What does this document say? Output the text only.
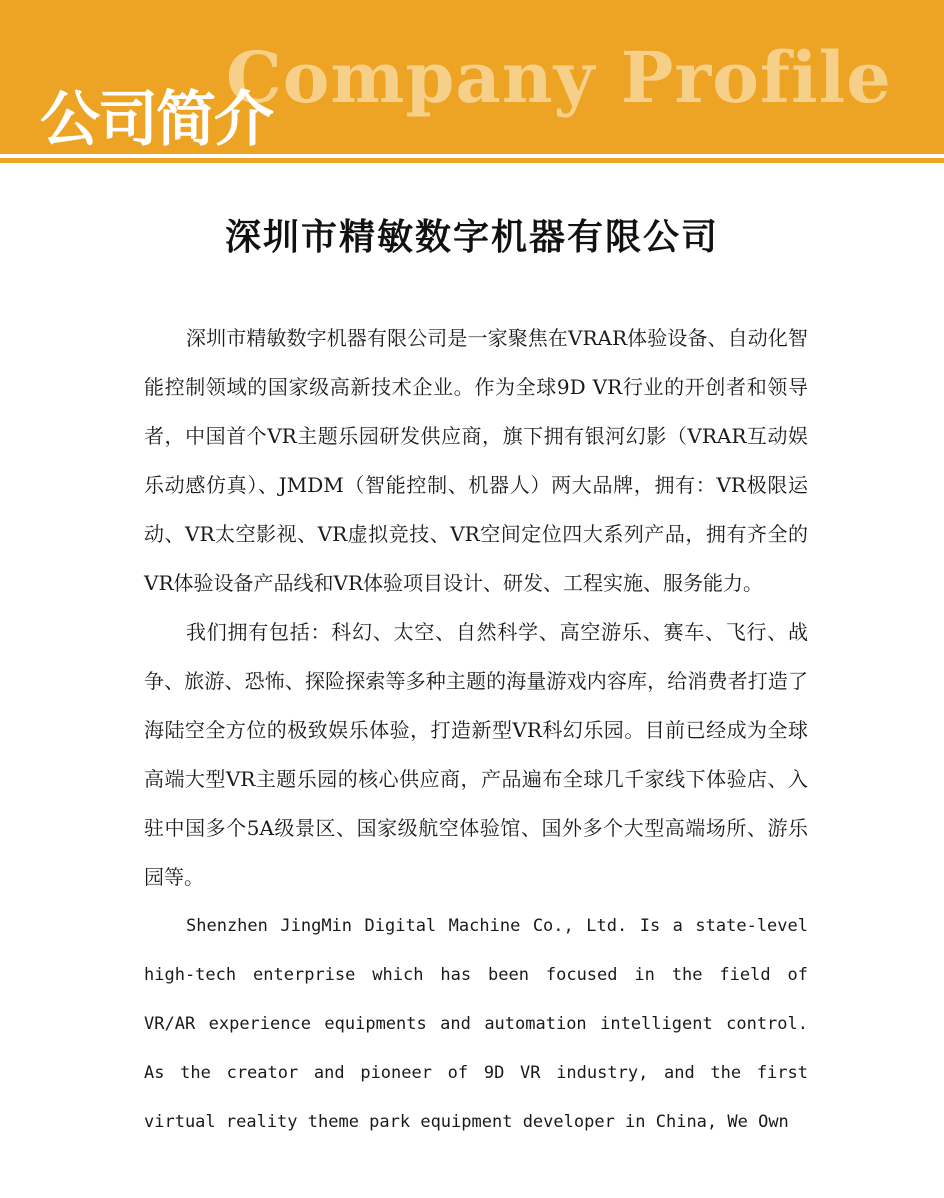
Company Profile
公司简介
深圳市精敏数字机器有限公司

深圳市精敏数字机器有限公司是一家聚焦在VRAR体验设备、自动化智能控制领域的国家级高新技术企业。作为全球9D VR行业的开创者和领导者，中国首个VR主题乐园研发供应商，旗下拥有银河幻影（VRAR互动娱乐动感仿真）、JMDM（智能控制、机器人）两大品牌，拥有：VR极限运动、VR太空影视、VR虚拟竞技、VR空间定位四大系列产品，拥有齐全的VR体验设备产品线和VR体验项目设计、研发、工程实施、服务能力。

我们拥有包括：科幻、太空、自然科学、高空游乐、赛车、飞行、战争、旅游、恐怖、探险探索等多种主题的海量游戏内容库，给消费者打造了海陆空全方位的极致娱乐体验，打造新型VR科幻乐园。目前已经成为全球高端大型VR主题乐园的核心供应商，产品遍布全球几千家线下体验店、入驻中国多个5A级景区、国家级航空体验馆、国外多个大型高端场所、游乐园等。

Shenzhen JingMin Digital Machine Co., Ltd. Is a state-level high-tech enterprise which has been focused in the field of VR/AR experience equipments and automation intelligent control. As the creator and pioneer of 9D VR industry, and the first virtual reality theme park equipment developer in China, We Own
